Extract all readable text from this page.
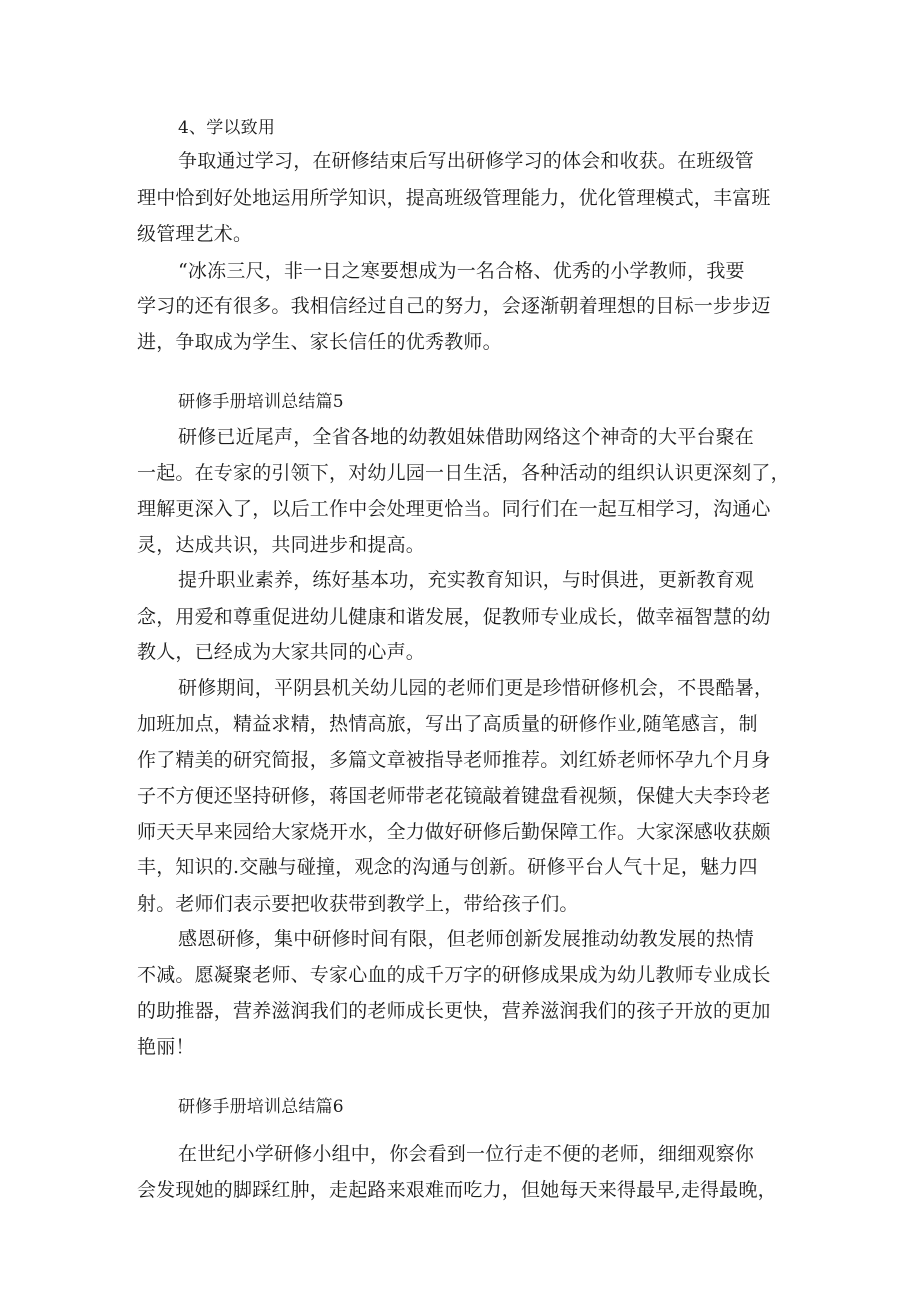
4、学以致用
争取通过学习，在研修结束后写出研修学习的体会和收获。在班级管
理中恰到好处地运用所学知识，提高班级管理能力，优化管理模式，丰富班
级管理艺术。
“冰冻三尺，非一日之寒要想成为一名合格、优秀的小学教师，我要
学习的还有很多。我相信经过自己的努力，会逐渐朝着理想的目标一步步迈
进，争取成为学生、家长信任的优秀教师。
研修手册培训总结篇5
研修已近尾声，全省各地的幼教姐妹借助网络这个神奇的大平台聚在
一起。在专家的引领下，对幼儿园一日生活，各种活动的组织认识更深刻了，
理解更深入了，以后工作中会处理更恰当。同行们在一起互相学习，沟通心
灵，达成共识，共同进步和提高。
提升职业素养，练好基本功，充实教育知识，与时俱进，更新教育观
念，用爱和尊重促进幼儿健康和谐发展，促教师专业成长，做幸福智慧的幼
教人，已经成为大家共同的心声。
研修期间，平阴县机关幼儿园的老师们更是珍惜研修机会，不畏酷暑，
加班加点，精益求精，热情高旅，写出了高质量的研修作业,随笔感言，制
作了精美的研究简报，多篇文章被指导老师推荐。刘红娇老师怀孕九个月身
子不方便还坚持研修，蒋国老师带老花镜敲着键盘看视频，保健大夫李玲老
师天天早来园给大家烧开水，全力做好研修后勤保障工作。大家深感收获颇
丰，知识的.交融与碰撞，观念的沟通与创新。研修平台人气十足，魅力四
射。老师们表示要把收获带到教学上，带给孩子们。
感恩研修，集中研修时间有限，但老师创新发展推动幼教发展的热情
不减。愿凝聚老师、专家心血的成千万字的研修成果成为幼儿教师专业成长
的助推器，营养滋润我们的老师成长更快，营养滋润我们的孩子开放的更加
艳丽！
研修手册培训总结篇6
在世纪小学研修小组中，你会看到一位行走不便的老师，细细观察你
会发现她的脚踩红肿，走起路来艰难而吃力，但她每天来得最早,走得最晚，
